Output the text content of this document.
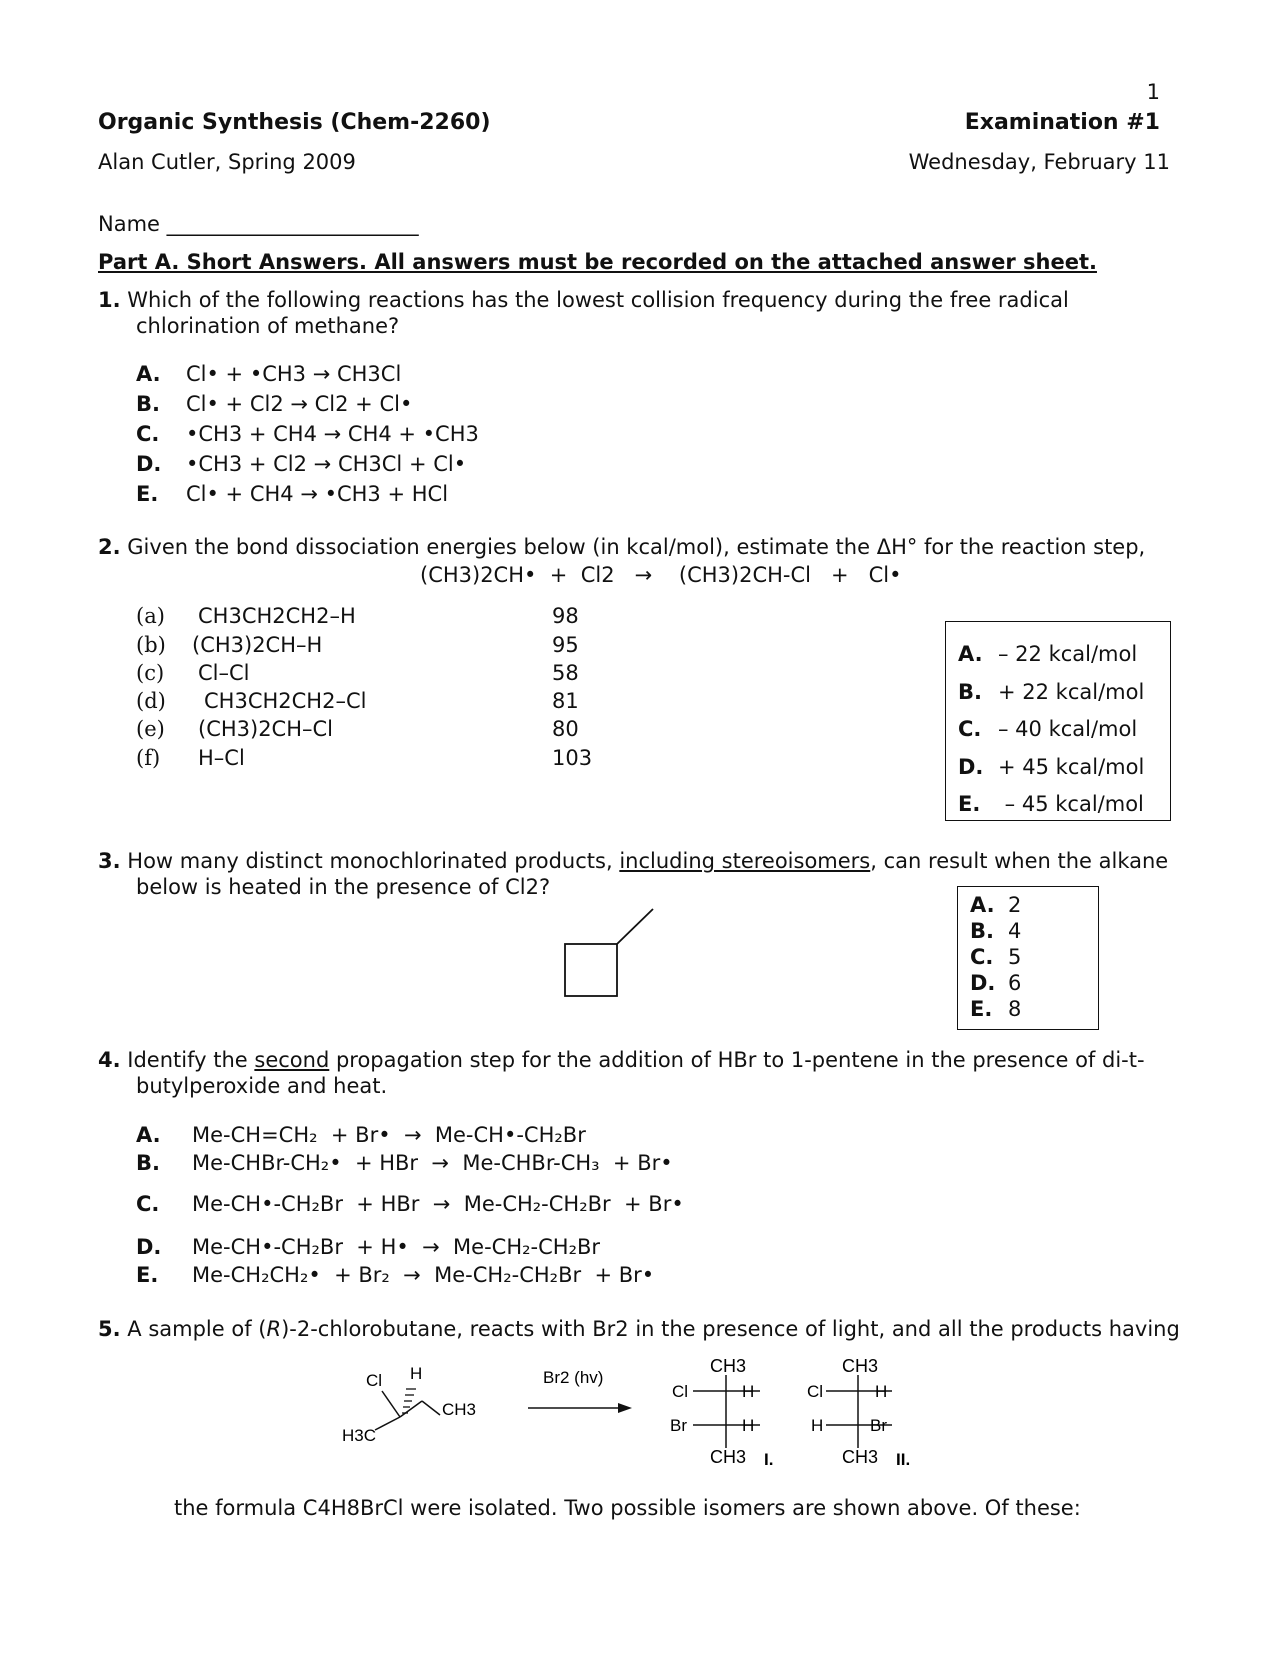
1
Organic Synthesis (Chem-2260)	Examination #1
Alan Cutler, Spring 2009	Wednesday, February 11
Name ________________________
Part A. Short Answers. All answers must be recorded on the attached answer sheet.
1. Which of the following reactions has the lowest collision frequency during the free radical chlorination of methane?
A. Cl• + •CH3 → CH3Cl
B. Cl• + Cl2 → Cl2 + Cl•
C. •CH3 + CH4 → CH4 + •CH3
D. •CH3 + Cl2 → CH3Cl + Cl•
E. Cl• + CH4 → •CH3 + HCl
2. Given the bond dissociation energies below (in kcal/mol), estimate the ΔH° for the reaction step,
(CH3)2CH•  +  Cl2   →    (CH3)2CH-Cl   +   Cl•
(a) CH3CH2CH2–H	98
(b) (CH3)2CH–H	95
(c) Cl–Cl	58
(d) CH3CH2CH2–Cl	81
(e) (CH3)2CH–Cl	80
(f) H–Cl	103
A. – 22 kcal/mol
B. + 22 kcal/mol
C. – 40 kcal/mol
D. + 45 kcal/mol
E. – 45 kcal/mol
3. How many distinct monochlorinated products, including stereoisomers, can result when the alkane below is heated in the presence of Cl2?
A. 2
B. 4
C. 5
D. 6
E. 8
4. Identify the second propagation step for the addition of HBr to 1-pentene in the presence of di-t-butylperoxide and heat.
A. Me-CH=CH₂  + Br•  →  Me-CH•-CH₂Br
B. Me-CHBr-CH₂•  + HBr  →  Me-CHBr-CH₃  + Br•
C. Me-CH•-CH₂Br  + HBr  →  Me-CH₂-CH₂Br  + Br•
D. Me-CH•-CH₂Br  + H•  →  Me-CH₂-CH₂Br
E. Me-CH₂CH₂•  + Br₂  →  Me-CH₂-CH₂Br  + Br•
5. A sample of (R)-2-chlorobutane, reacts with Br2 in the presence of light, and all the products having
Cl H
CH3
H3C
Br2 (hv)
CH3
Cl	H
Br	H
CH3 I.
CH3
Cl	H
H	Br
CH3 II.
the formula C4H8BrCl were isolated. Two possible isomers are shown above. Of these:
